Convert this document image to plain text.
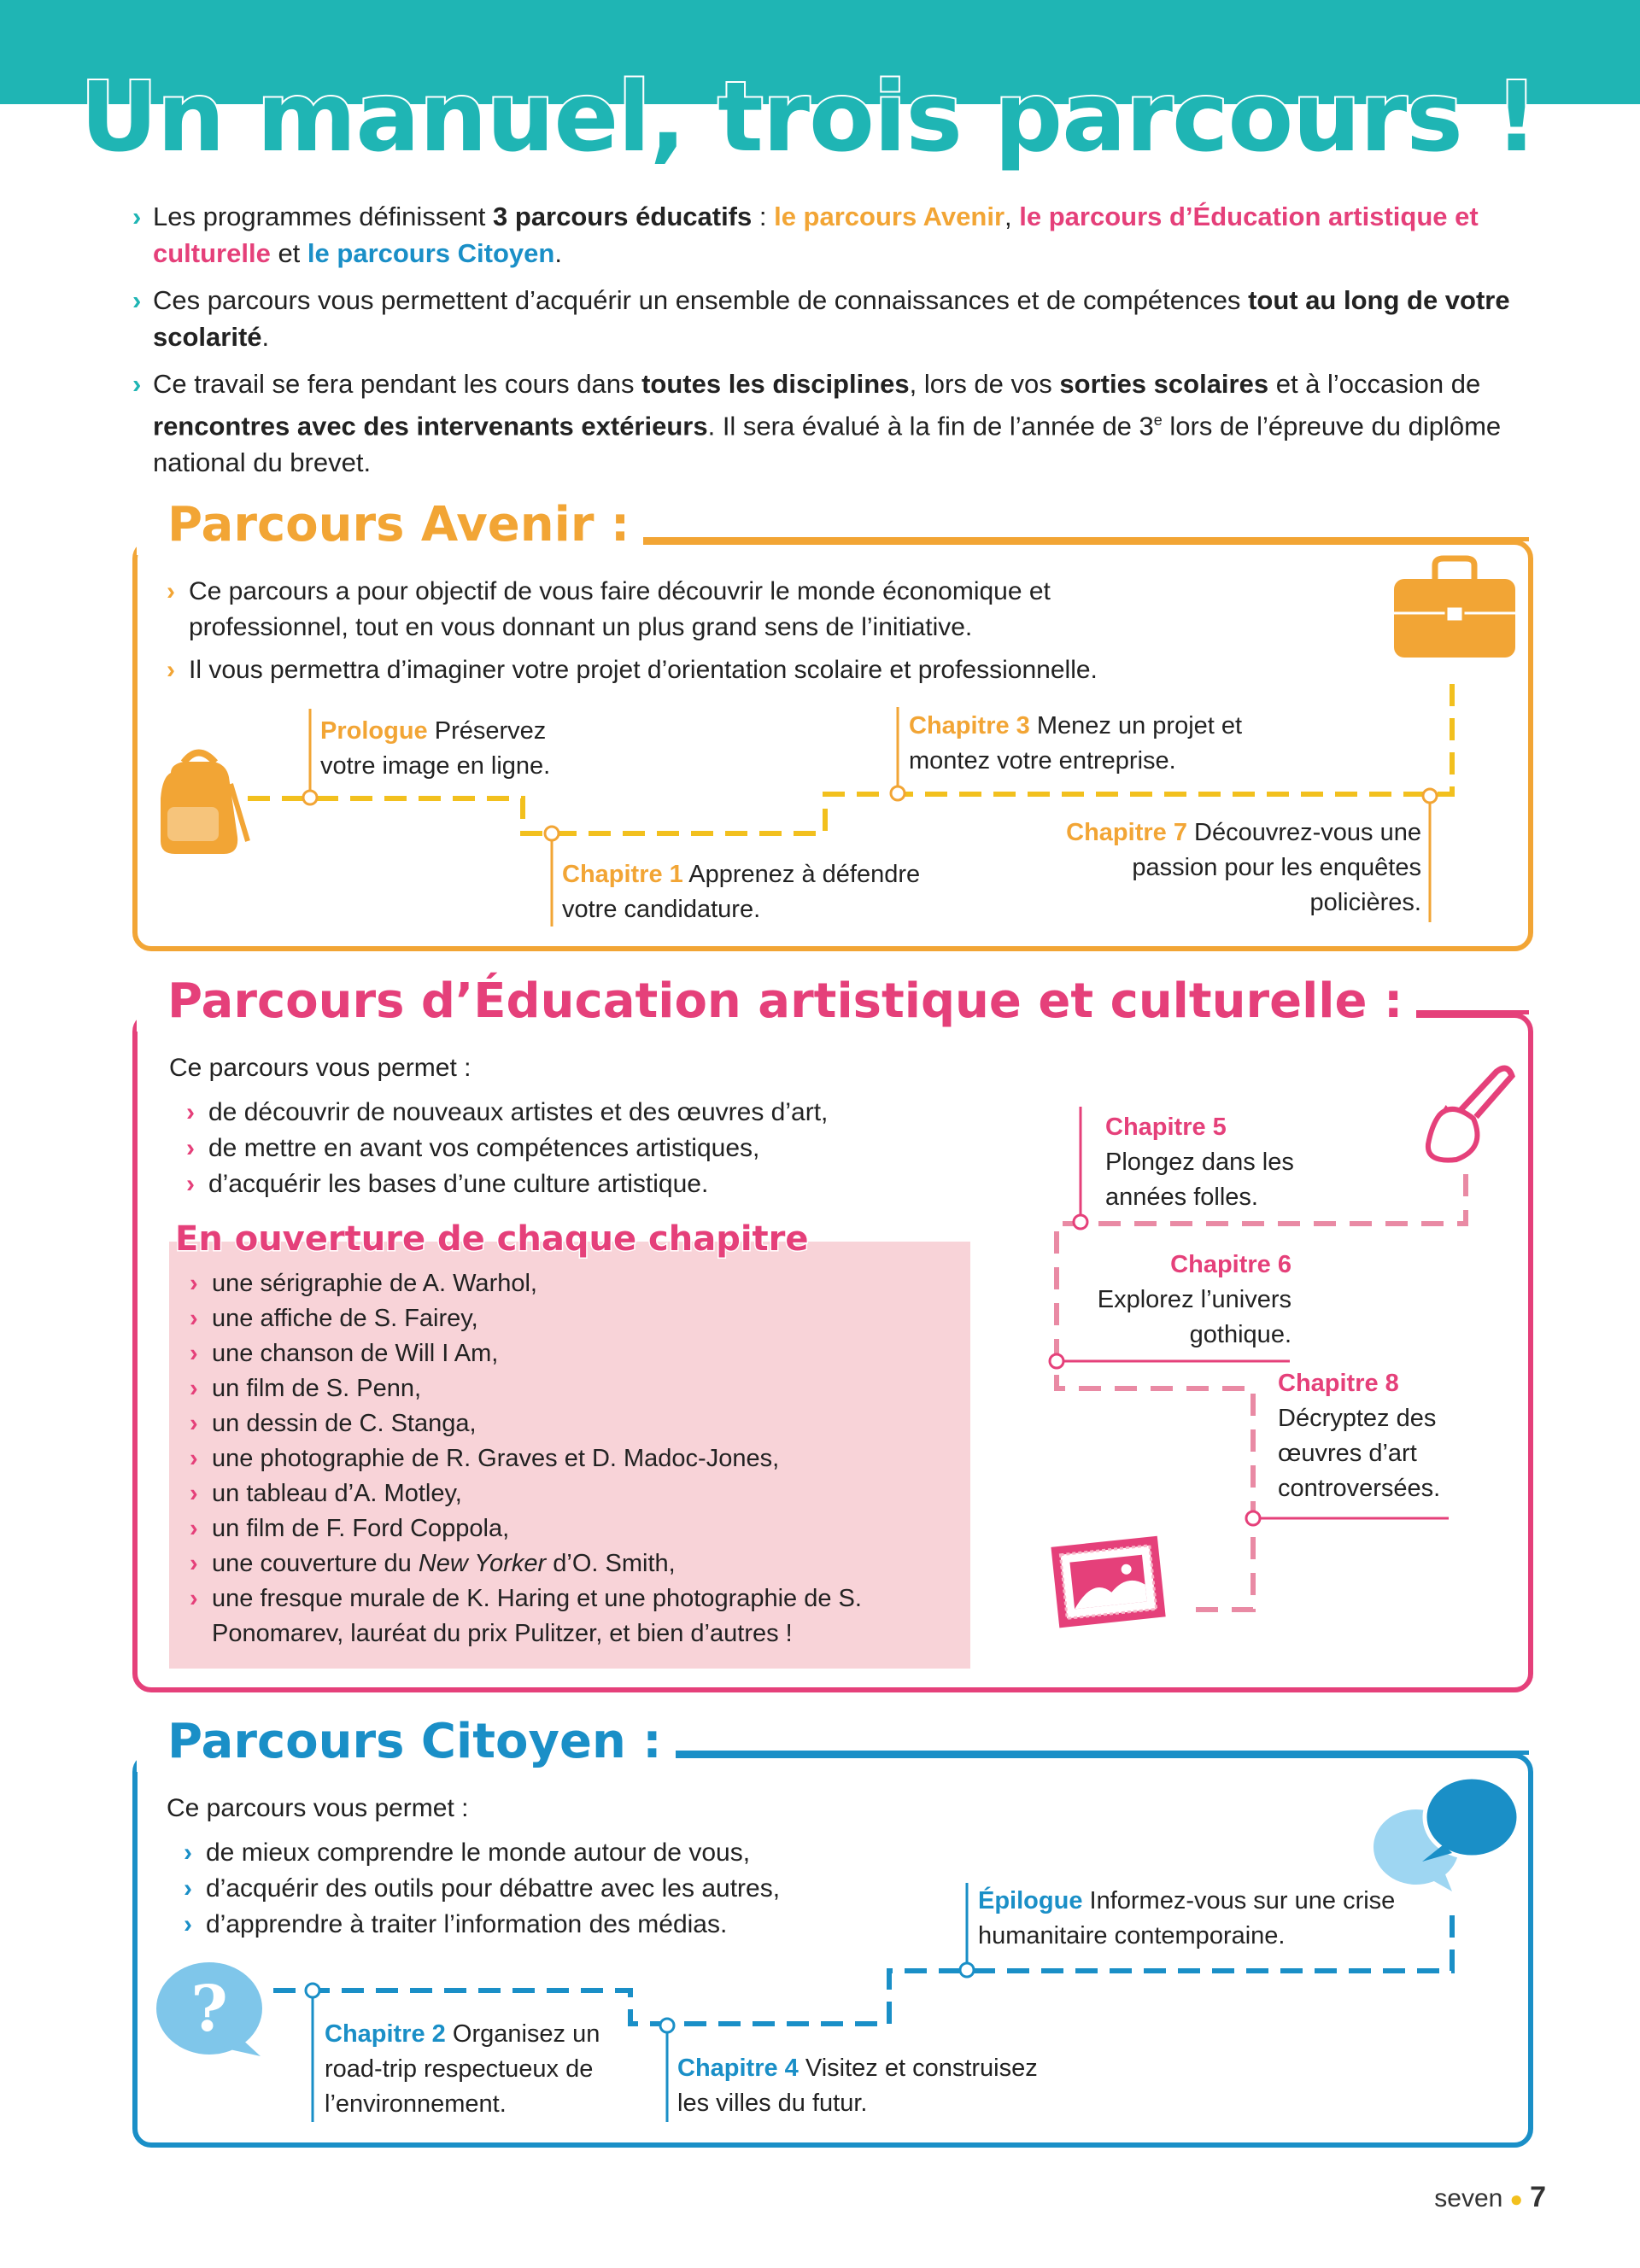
Un manuel, trois parcours !
› Les programmes définissent 3 parcours éducatifs : le parcours Avenir, le parcours d’Éducation artistique et culturelle et le parcours Citoyen.
› Ces parcours vous permettent d’acquérir un ensemble de connaissances et de compétences tout au long de votre scolarité.
› Ce travail se fera pendant les cours dans toutes les disciplines, lors de vos sorties scolaires et à l’occasion de rencontres avec des intervenants extérieurs. Il sera évalué à la fin de l’année de 3e lors de l’épreuve du diplôme national du brevet.
Parcours Avenir :
› Ce parcours a pour objectif de vous faire découvrir le monde économique et professionnel, tout en vous donnant un plus grand sens de l’initiative.
› Il vous permettra d’imaginer votre projet d’orientation scolaire et professionnelle.
Prologue Préservez votre image en ligne.
Chapitre 1 Apprenez à défendre votre candidature.
Chapitre 3 Menez un projet et montez votre entreprise.
Chapitre 7 Découvrez-vous une passion pour les enquêtes policières.
Parcours d’Éducation artistique et culturelle :
Ce parcours vous permet :
› de découvrir de nouveaux artistes et des œuvres d’art,
› de mettre en avant vos compétences artistiques,
› d’acquérir les bases d’une culture artistique.
En ouverture de chaque chapitre
› une sérigraphie de A. Warhol,
› une affiche de S. Fairey,
› une chanson de Will I Am,
› un film de S. Penn,
› un dessin de C. Stanga,
› une photographie de R. Graves et D. Madoc-Jones,
› un tableau d’A. Motley,
› un film de F. Ford Coppola,
› une couverture du New Yorker d’O. Smith,
› une fresque murale de K. Haring et une photographie de S. Ponomarev, lauréat du prix Pulitzer, et bien d’autres !
Chapitre 5
Plongez dans les années folles.
Chapitre 6
Explorez l’univers gothique.
Chapitre 8
Décryptez des œuvres d’art controversées.
Parcours Citoyen :
Ce parcours vous permet :
› de mieux comprendre le monde autour de vous,
› d’acquérir des outils pour débattre avec les autres,
› d’apprendre à traiter l’information des médias.
Chapitre 2 Organisez un road-trip respectueux de l’environnement.
Chapitre 4 Visitez et construisez les villes du futur.
Épilogue Informez-vous sur une crise humanitaire contemporaine.
?
seven ● 7
